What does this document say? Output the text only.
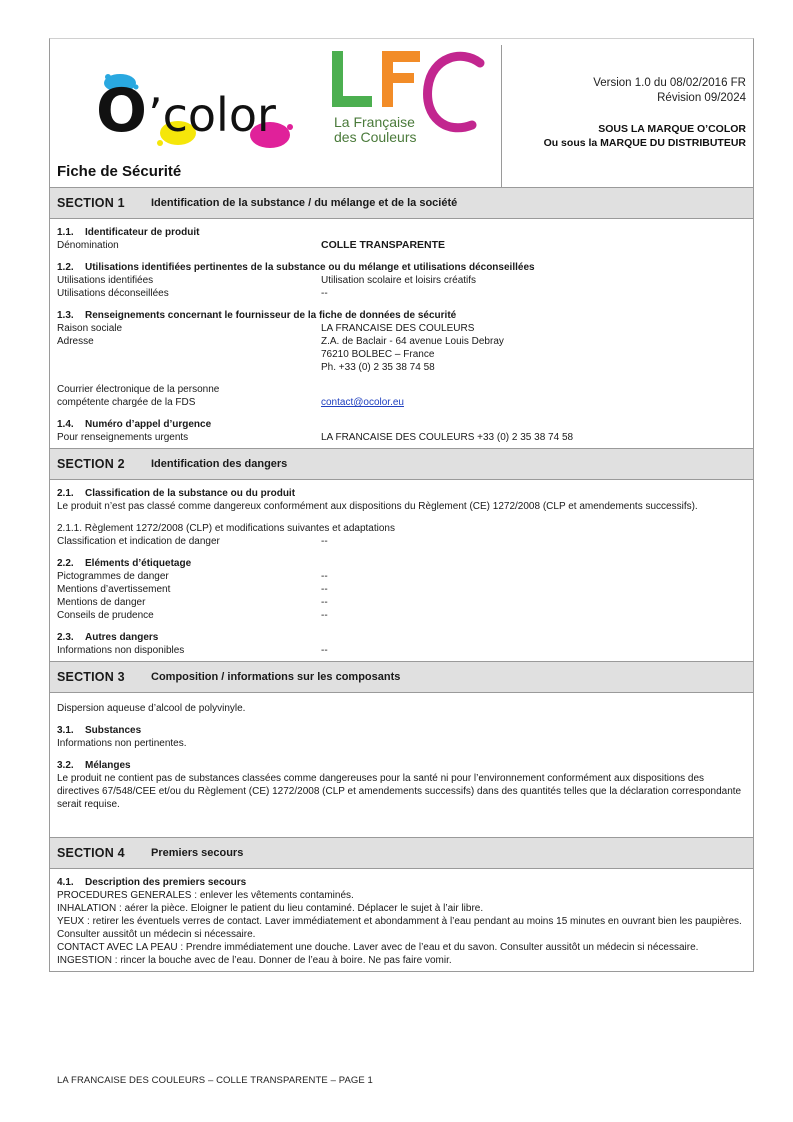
O ’color
O’color
La Française
des Couleurs
LFC
Fiche de Sécurité
Version 1.0 du 08/02/2016 FR
Révision 09/2024
SOUS LA MARQUE O’COLOR
Ou sous la MARQUE DU DISTRIBUTEUR
SECTION 1	Identification de la substance / du mélange et de la société
1.1. Identificateur de produit
Dénomination	COLLE TRANSPARENTE
1.2. Utilisations identifiées pertinentes de la substance ou du mélange et utilisations déconseillées
Utilisations identifiées	Utilisation scolaire et loisirs créatifs
Utilisations déconseillées	--
1.3. Renseignements concernant le fournisseur de la fiche de données de sécurité
Raison sociale	LA FRANCAISE DES COULEURS
Adresse	Z.A. de Baclair - 64 avenue Louis Debray
76210 BOLBEC – France
Ph. +33 (0) 2 35 38 74 58
Courrier électronique de la personne
compétente chargée de la FDS
	contact@ocolor.eu
1.4. Numéro d’appel d’urgence
Pour renseignements urgents	LA FRANCAISE DES COULEURS +33 (0) 2 35 38 74 58
SECTION 2	Identification des dangers
2.1. Classification de la substance ou du produit
Le produit n’est pas classé comme dangereux conformément aux dispositions du Règlement (CE) 1272/2008 (CLP et amendements successifs).
2.1.1. Règlement 1272/2008 (CLP) et modifications suivantes et adaptations
Classification et indication de danger	--
2.2. Eléments d’étiquetage
Pictogrammes de danger	--
Mentions d’avertissement	--
Mentions de danger	--
Conseils de prudence	--
2.3. Autres dangers
Informations non disponibles	--
SECTION 3	Composition / informations sur les composants
Dispersion aqueuse d’alcool de polyvinyle.
3.1. Substances
Informations non pertinentes.
3.2. Mélanges
Le produit ne contient pas de substances classées comme dangereuses pour la santé ni pour l’environnement conformément aux dispositions des directives 67/548/CEE et/ou du Règlement (CE) 1272/2008 (CLP et amendements successifs) dans des quantités telles que la déclaration correspondante serait requise.
SECTION 4	Premiers secours
4.1. Description des premiers secours
PROCEDURES GENERALES : enlever les vêtements contaminés.
INHALATION : aérer la pièce. Eloigner le patient du lieu contaminé. Déplacer le sujet à l’air libre.
YEUX : retirer les éventuels verres de contact. Laver immédiatement et abondamment à l’eau pendant au moins 15 minutes en ouvrant bien les paupières. Consulter aussitôt un médecin si nécessaire.
CONTACT AVEC LA PEAU : Prendre immédiatement une douche. Laver avec de l’eau et du savon. Consulter aussitôt un médecin si nécessaire.
INGESTION : rincer la bouche avec de l’eau. Donner de l’eau à boire. Ne pas faire vomir.
LA FRANCAISE DES COULEURS – COLLE TRANSPARENTE – PAGE 1
